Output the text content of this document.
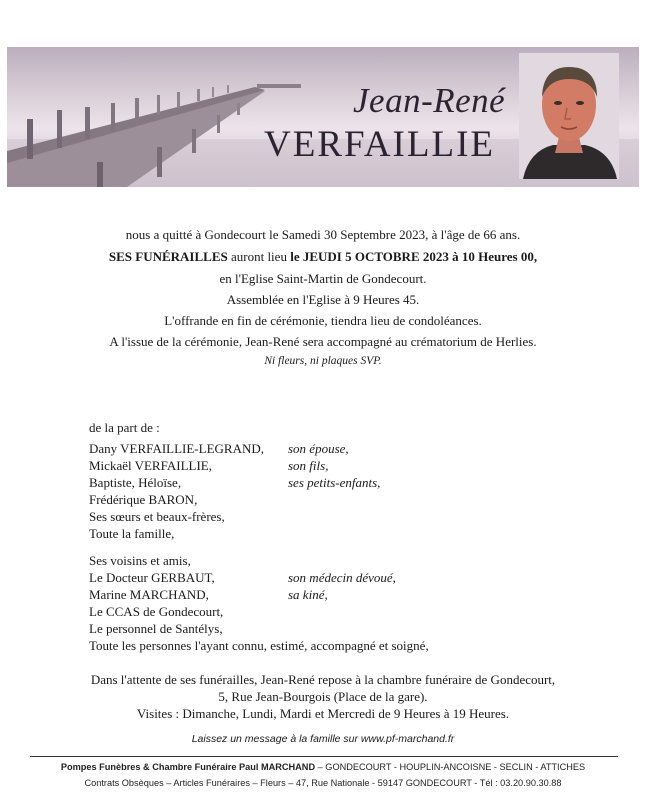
Jean-René
VERFAILLIE
nous a quitté à Gondecourt le Samedi 30 Septembre 2023, à l'âge de 66 ans.
SES FUNÉRAILLES auront lieu le JEUDI 5 OCTOBRE 2023 à 10 Heures 00,
en l'Eglise Saint-Martin de Gondecourt.
Assemblée en l'Eglise à 9 Heures 45.
L'offrande en fin de cérémonie, tiendra lieu de condoléances.
A l'issue de la cérémonie, Jean-René sera accompagné au crématorium de Herlies.
Ni fleurs, ni plaques SVP.
de la part de :
Dany VERFAILLIE-LEGRAND, son épouse,
Mickaël VERFAILLIE,	son fils,
Baptiste, Héloïse,	ses petits-enfants,
Frédérique BARON,
Ses sœurs et beaux-frères,
Toute la famille,
Ses voisins et amis,
Le Docteur GERBAUT,	son médecin dévoué,
Marine MARCHAND,	sa kiné,
Le CCAS de Gondecourt,
Le personnel de Santélys,
Toute les personnes l'ayant connu, estimé, accompagné et soigné,
Dans l'attente de ses funérailles, Jean-René repose à la chambre funéraire de Gondecourt,
5, Rue Jean-Bourgois (Place de la gare).
Visites : Dimanche, Lundi, Mardi et Mercredi de 9 Heures à 19 Heures.
Laissez un message à la famille sur www.pf-marchand.fr
Pompes Funèbres & Chambre Funéraire Paul MARCHAND – GONDECOURT - HOUPLIN-ANCOISNE - SECLIN - ATTICHES
Contrats Obsèques – Articles Funéraires – Fleurs – 47, Rue Nationale - 59147 GONDECOURT - Tél : 03.20.90.30.88
